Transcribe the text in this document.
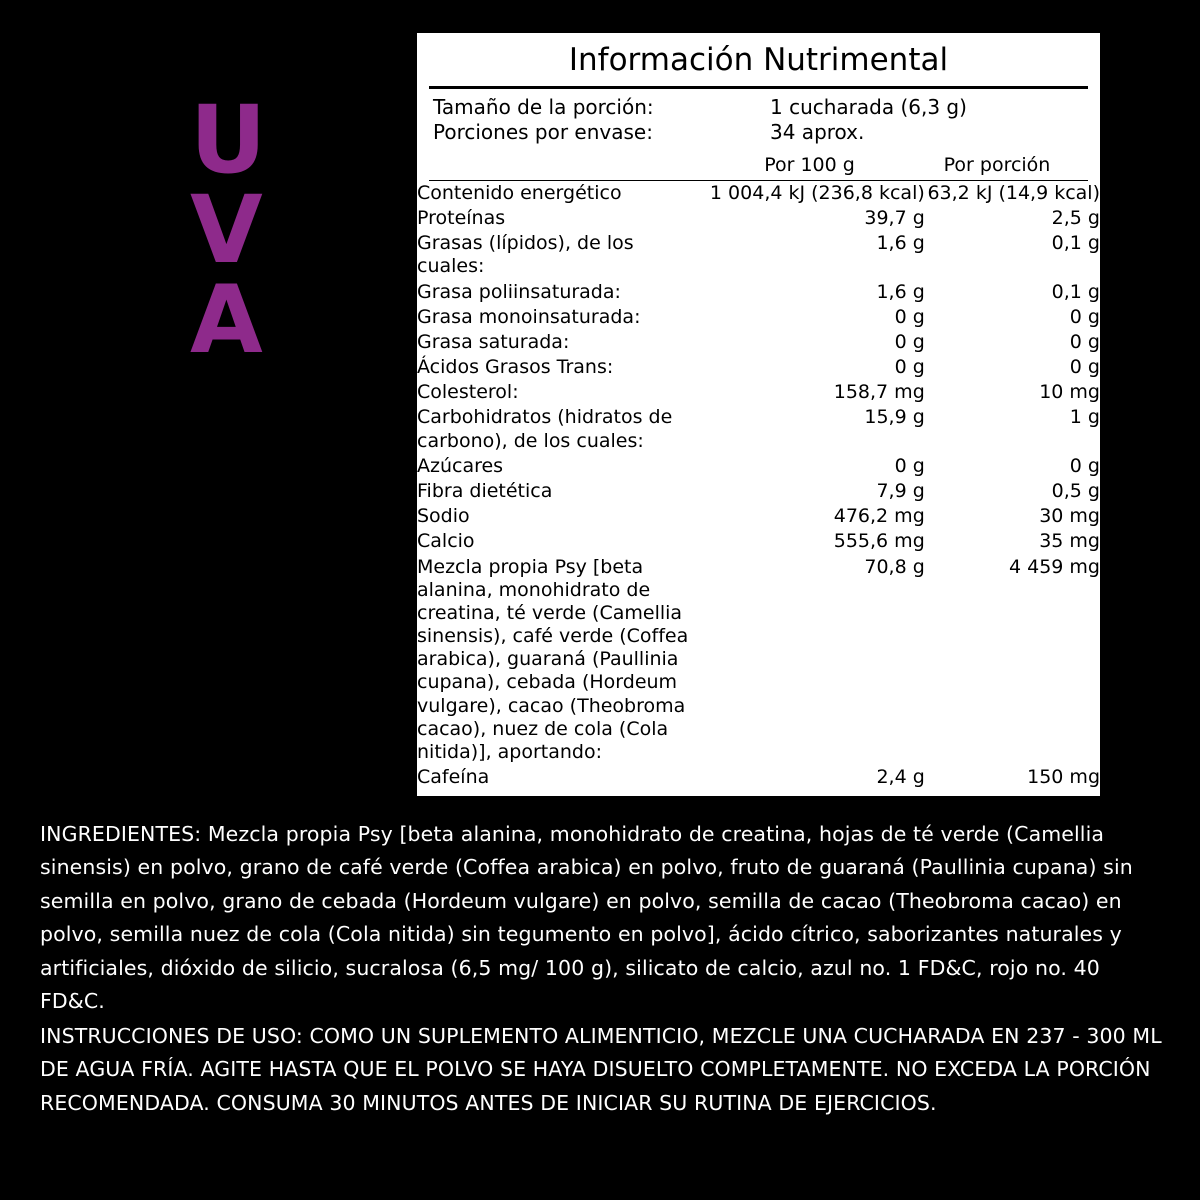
U
V
A
Información Nutrimental
Tamaño de la porción:	1 cucharada (6,3 g)
Porciones por envase:	34 aprox.
Por 100 g	Por porción
Contenido energético	1 004,4 kJ (236,8 kcal)	63,2 kJ (14,9 kcal)
Proteínas	39,7 g	2,5 g
Grasas (lípidos), de los cuales:	1,6 g	0,1 g
Grasa poliinsaturada:	1,6 g	0,1 g
Grasa monoinsaturada:	0 g	0 g
Grasa saturada:	0 g	0 g
Ácidos Grasos Trans:	0 g	0 g
Colesterol:	158,7 mg	10 mg
Carbohidratos (hidratos de carbono), de los cuales:	15,9 g	1 g
Azúcares	0 g	0 g
Fibra dietética	7,9 g	0,5 g
Sodio	476,2 mg	30 mg
Calcio	555,6 mg	35 mg
Mezcla propia Psy [beta alanina, monohidrato de creatina, té verde (Camellia sinensis), café verde (Coffea arabica), guaraná (Paullinia cupana), cebada (Hordeum vulgare), cacao (Theobroma cacao), nuez de cola (Cola nitida)], aportando:	70,8 g	4 459 mg
Cafeína	2,4 g	150 mg
INGREDIENTES: Mezcla propia Psy [beta alanina, monohidrato de creatina, hojas de té verde (Camellia sinensis) en polvo, grano de café verde (Coffea arabica) en polvo, fruto de guaraná (Paullinia cupana) sin semilla en polvo, grano de cebada (Hordeum vulgare) en polvo, semilla de cacao (Theobroma cacao) en polvo, semilla nuez de cola (Cola nitida) sin tegumento en polvo], ácido cítrico, saborizantes naturales y artificiales, dióxido de silicio, sucralosa (6,5 mg/ 100 g), silicato de calcio, azul no. 1 FD&C, rojo no. 40 FD&C.
INSTRUCCIONES DE USO: COMO UN SUPLEMENTO ALIMENTICIO, MEZCLE UNA CUCHARADA EN 237 - 300 ML DE AGUA FRÍA. AGITE HASTA QUE EL POLVO SE HAYA DISUELTO COMPLETAMENTE. NO EXCEDA LA PORCIÓN RECOMENDADA. CONSUMA 30 MINUTOS ANTES DE INICIAR SU RUTINA DE EJERCICIOS.
